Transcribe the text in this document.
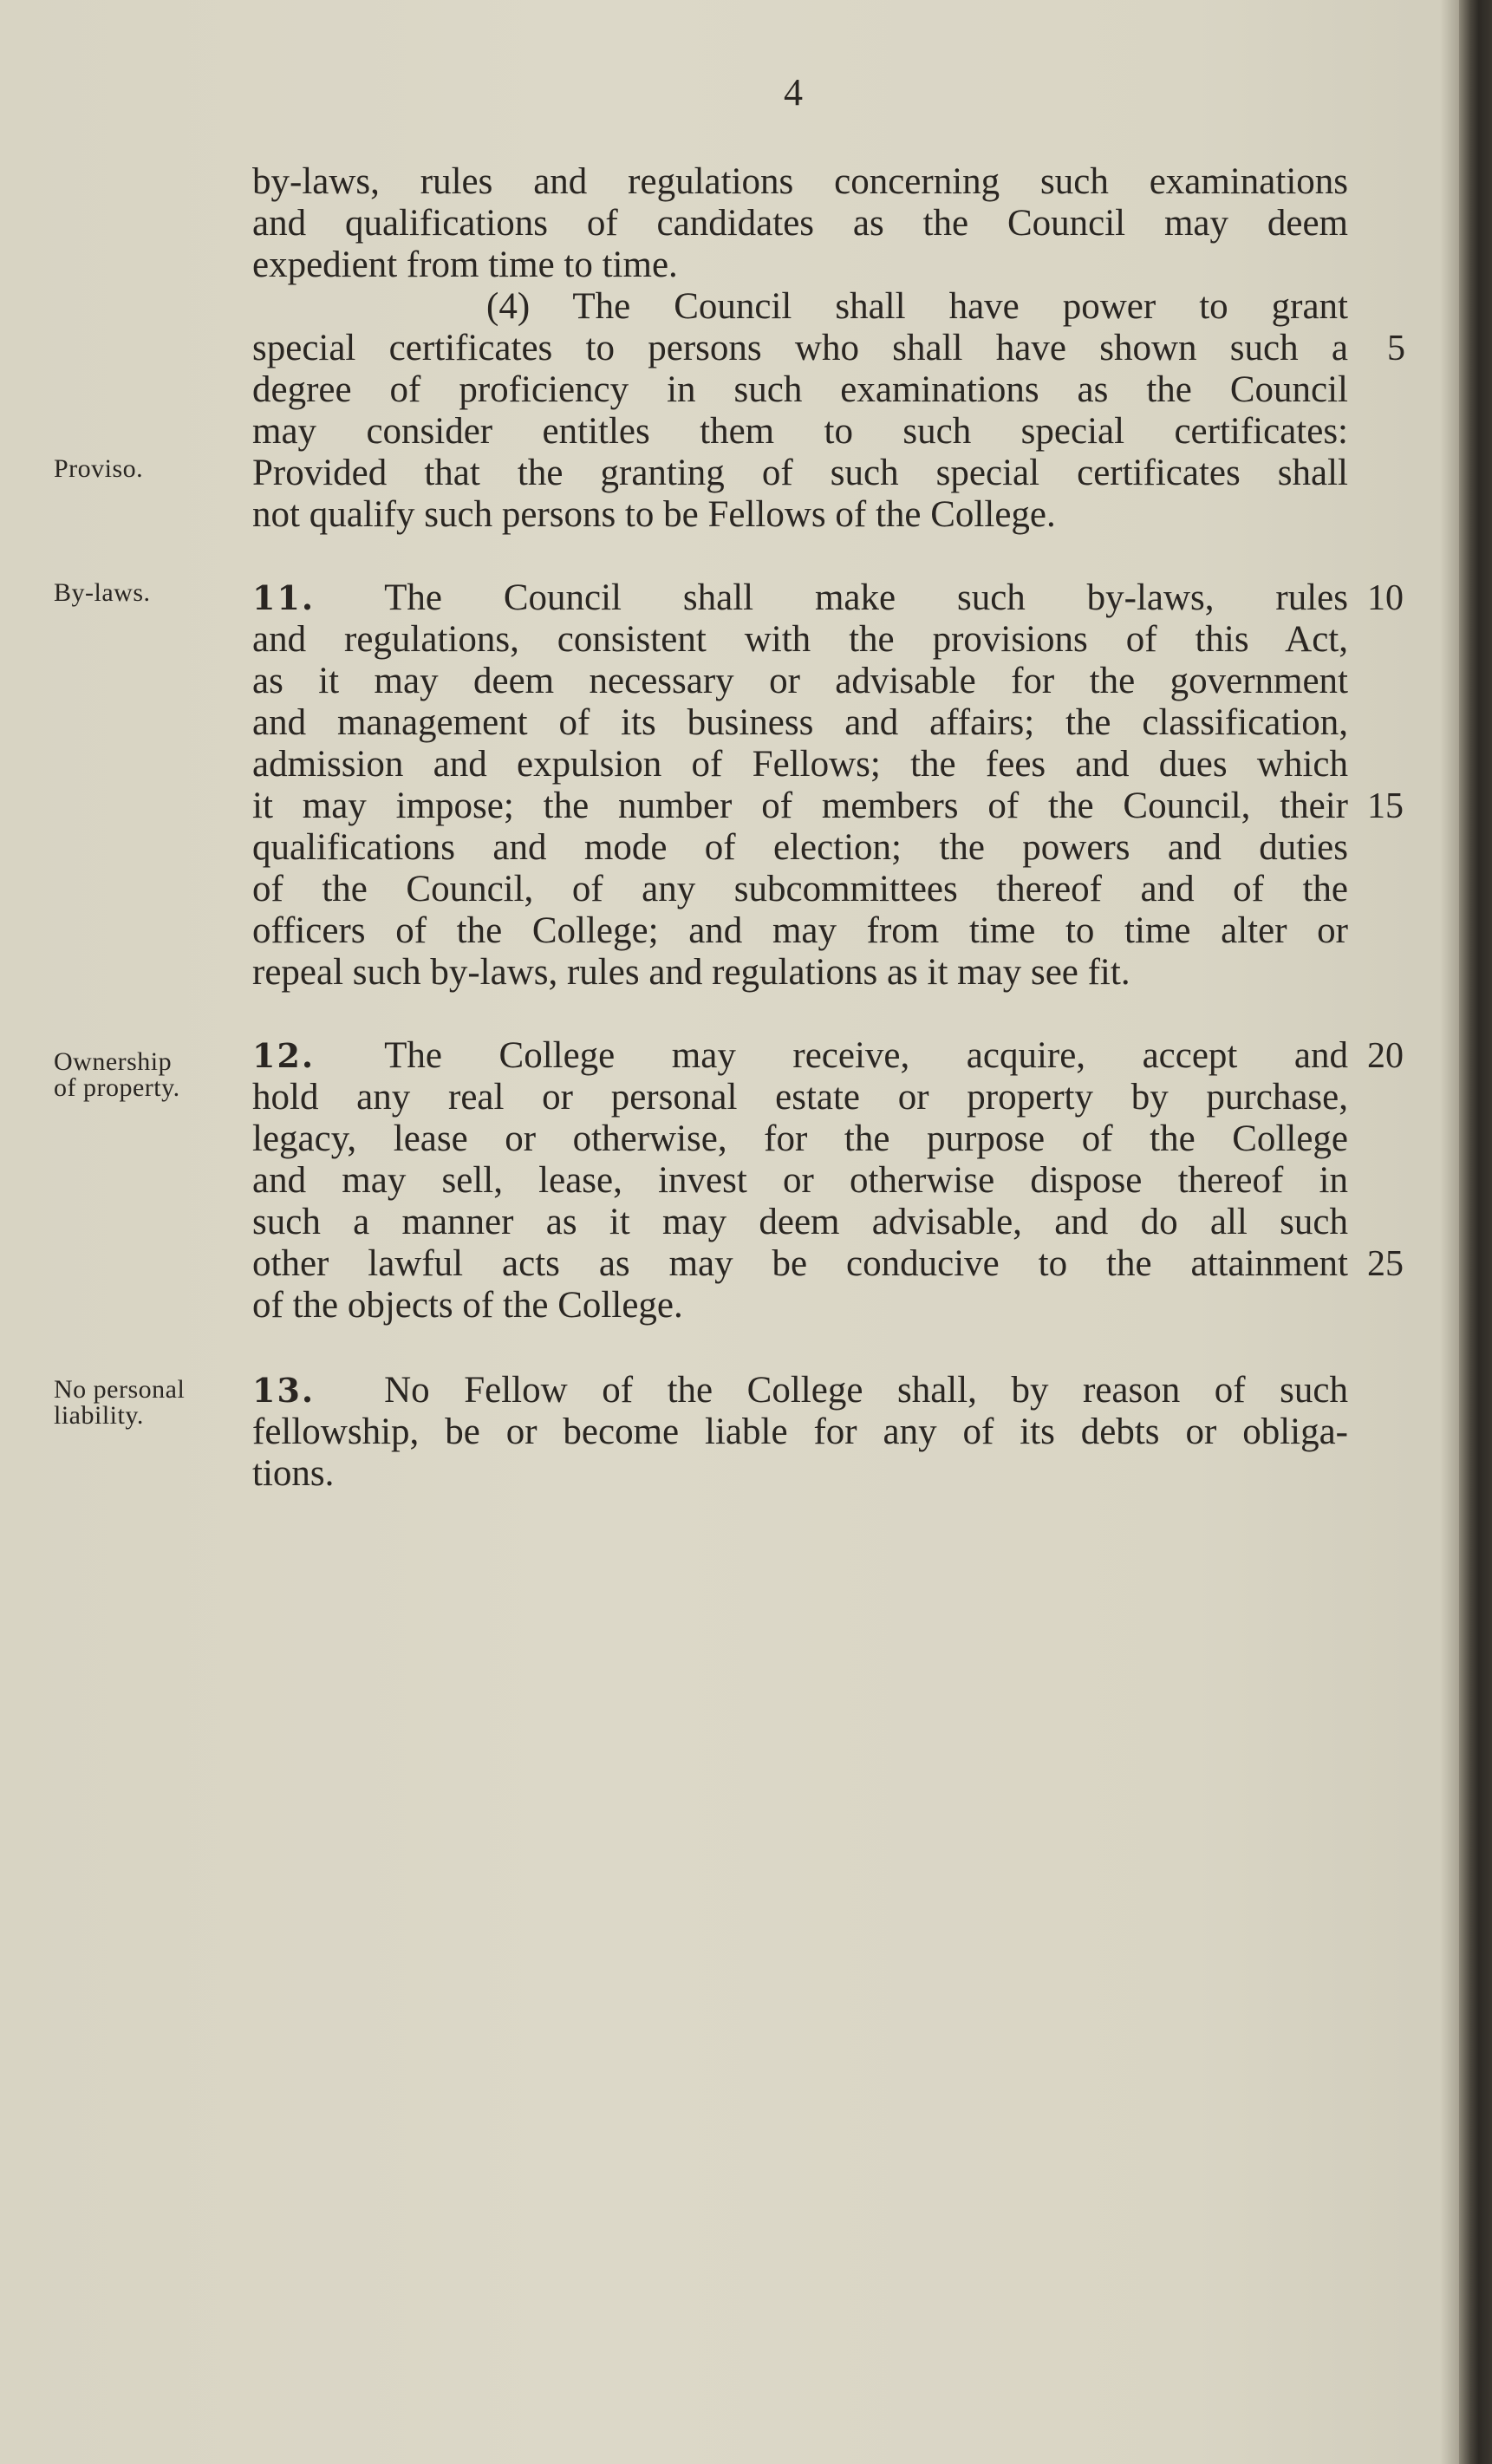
4
by-laws, rules and regulations concerning such examinations
and qualifications of candidates as the Council may deem
expedient from time to time.
(4) The Council shall have power to grant
special certificates to persons who shall have shown such a
degree of proficiency in such examinations as the Council
may consider entitles them to such special certificates:
Provided that the granting of such special certificates shall
not qualify such persons to be Fellows of the College.
11. The Council shall make such by-laws, rules
and regulations, consistent with the provisions of this Act,
as it may deem necessary or advisable for the government
and management of its business and affairs; the classification,
admission and expulsion of Fellows; the fees and dues which
it may impose; the number of members of the Council, their
qualifications and mode of election; the powers and duties
of the Council, of any subcommittees thereof and of the
officers of the College; and may from time to time alter or
repeal such by-laws, rules and regulations as it may see fit.
12. The College may receive, acquire, accept and
hold any real or personal estate or property by purchase,
legacy, lease or otherwise, for the purpose of the College
and may sell, lease, invest or otherwise dispose thereof in
such a manner as it may deem advisable, and do all such
other lawful acts as may be conducive to the attainment
of the objects of the College.
13. No Fellow of the College shall, by reason of such
fellowship, be or become liable for any of its debts or obliga-
tions.
Proviso.
By-laws.
Ownership
of property.
No personal
liability.
5
10
15
20
25
